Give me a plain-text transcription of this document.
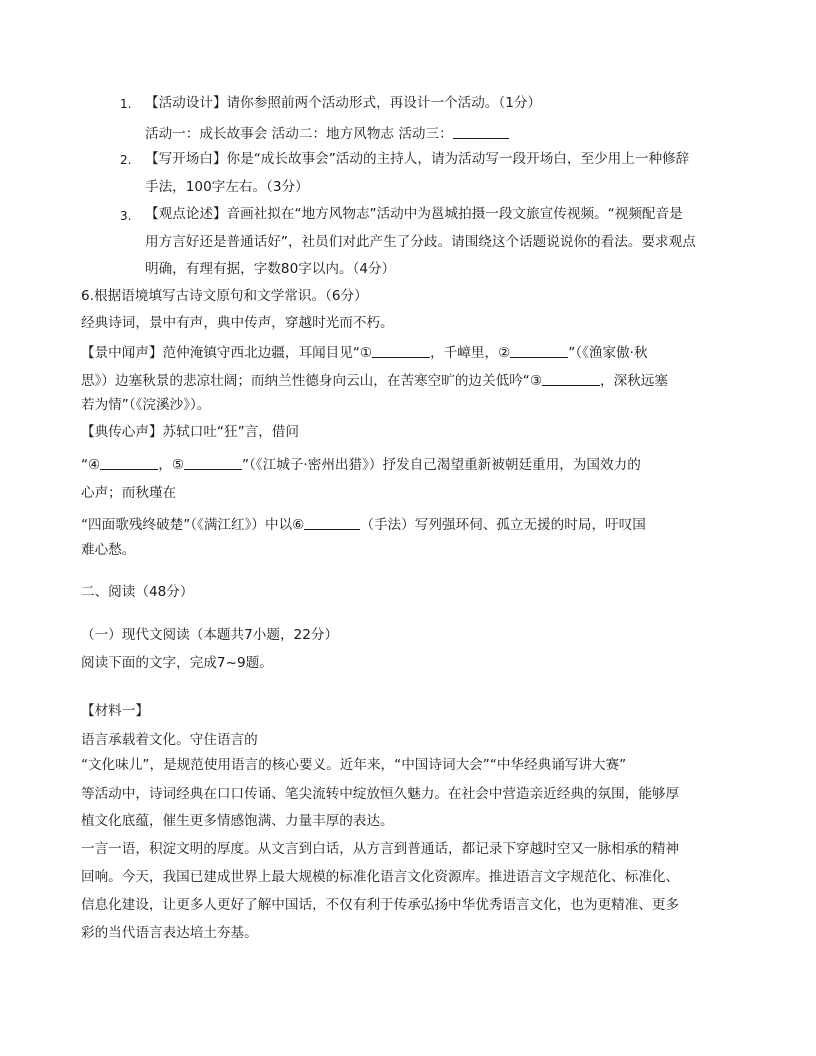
1. 【活动设计】请你参照前两个活动形式，再设计一个活动。（1分）
活动一：成长故事会 活动二：地方风物志 活动三：
2. 【写开场白】你是“成长故事会”活动的主持人，请为活动写一段开场白，至少用上一种修辞
手法，100字左右。（3分）
3. 【观点论述】音画社拟在“地方风物志”活动中为邕城拍摄一段文旅宣传视频。“视频配音是
用方言好还是普通话好”，社员们对此产生了分歧。请围绕这个话题说说你的看法。要求观点
明确，有理有据，字数80字以内。（4分）
6.根据语境填写古诗文原句和文学常识。（6分）
经典诗词，景中有声，典中传声，穿越时光而不朽。
【景中闻声】范仲淹镇守西北边疆，耳闻目见“①	，千嶂里，②	”（《渔家傲·秋
思》）边塞秋景的悲凉壮阔；而纳兰性德身向云山，在苦寒空旷的边关低吟“③	，深秋远塞
若为情”（《浣溪沙》）。
【典传心声】苏轼口吐“狂”言，借问
“④	，⑤	”（《江城子·密州出猎》）抒发自己渴望重新被朝廷重用，为国效力的
心声；而秋瑾在
“四面歌残终破楚”（《满江红》）中以⑥	（手法）写列强环伺、孤立无援的时局，吁叹国
难心愁。
二、阅读（48分）
（一）现代文阅读（本题共7小题，22分）
阅读下面的文字，完成7~9题。
【材料一】
语言承载着文化。守住语言的
“文化味儿”，是规范使用语言的核心要义。近年来，“中国诗词大会”“中华经典诵写讲大赛”
等活动中，诗词经典在口口传诵、笔尖流转中绽放恒久魅力。在社会中营造亲近经典的氛围，能够厚
植文化底蕴，催生更多情感饱满、力量丰厚的表达。
一言一语，积淀文明的厚度。从文言到白话，从方言到普通话，都记录下穿越时空又一脉相承的精神
回响。今天，我国已建成世界上最大规模的标准化语言文化资源库。推进语言文字规范化、标准化、
信息化建设，让更多人更好了解中国话，不仅有利于传承弘扬中华优秀语言文化，也为更精准、更多
彩的当代语言表达培土夯基。
